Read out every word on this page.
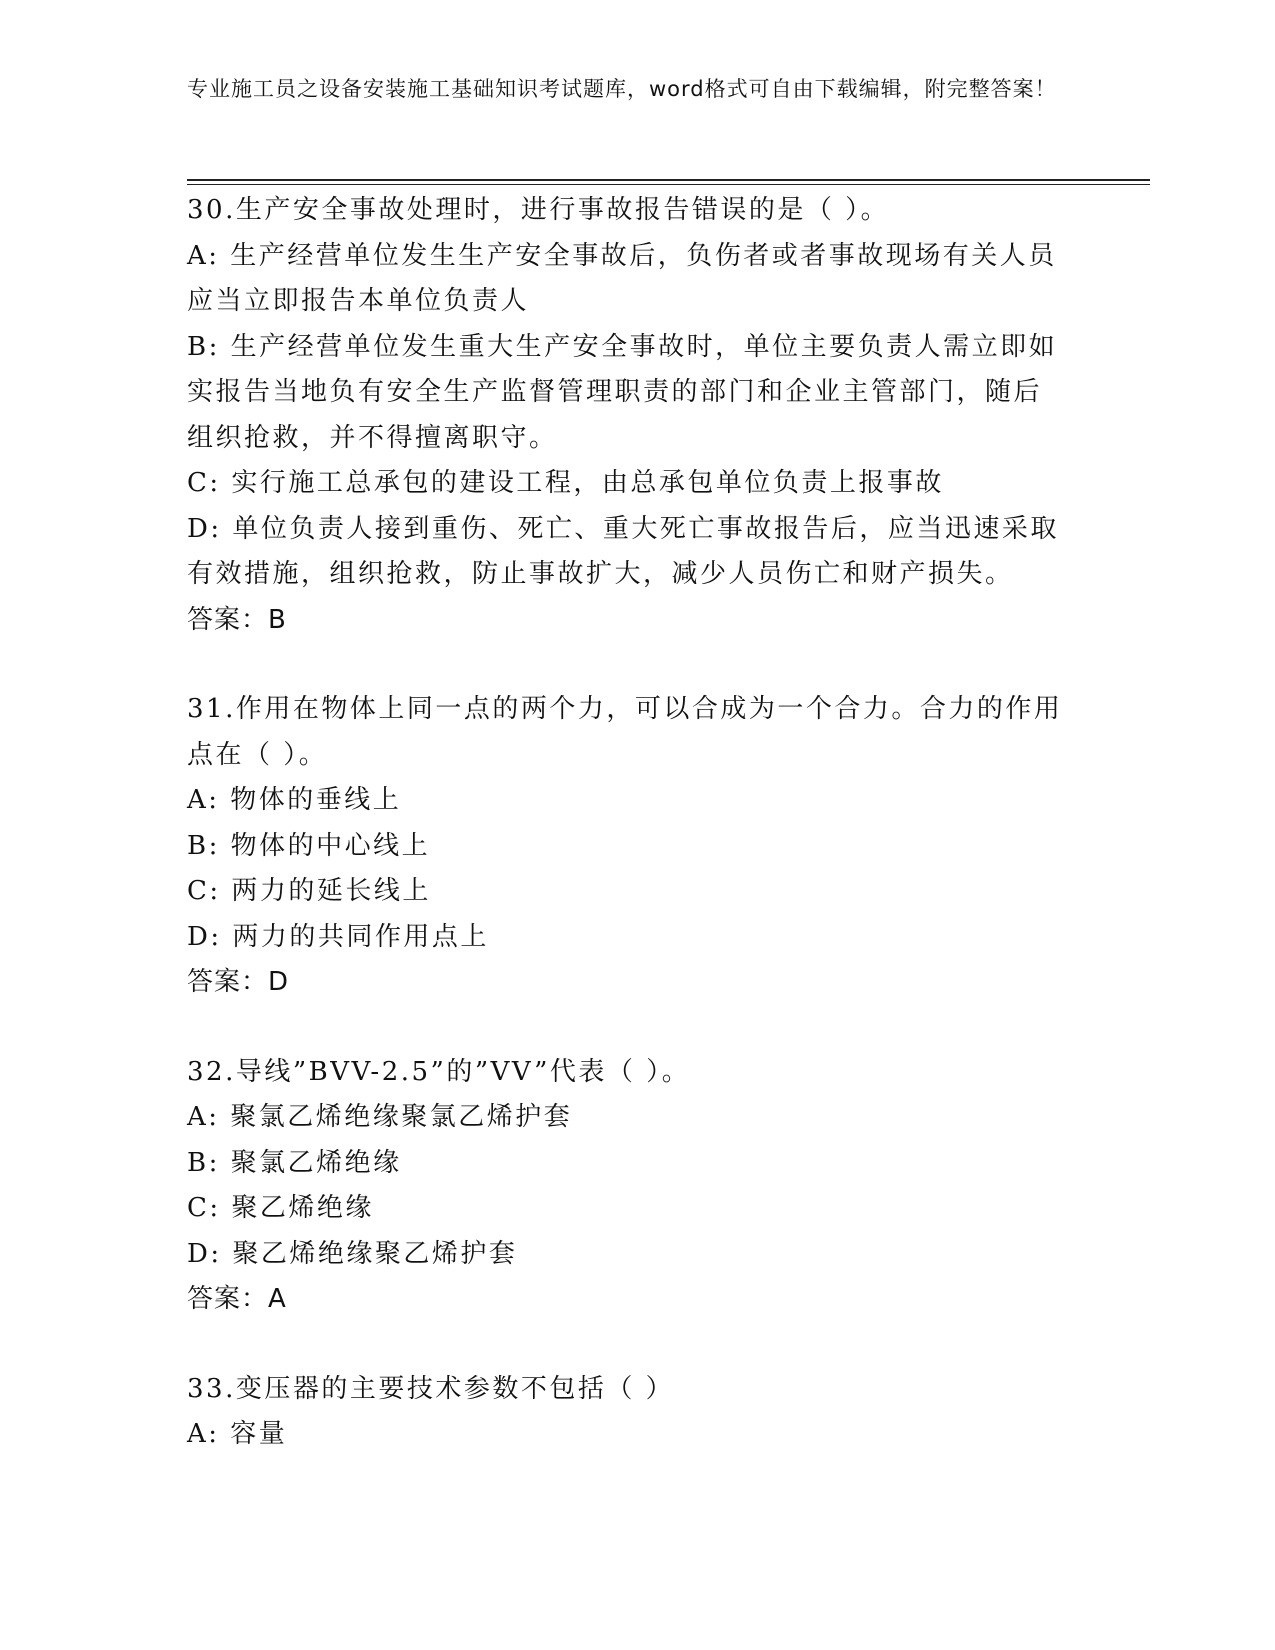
专业施工员之设备安装施工基础知识考试题库，word格式可自由下载编辑，附完整答案！

30.生产安全事故处理时，进行事故报告错误的是（ ）。

A: 生产经营单位发生生产安全事故后，负伤者或者事故现场有关人员应当立即报告本单位负责人

B: 生产经营单位发生重大生产安全事故时，单位主要负责人需立即如实报告当地负有安全生产监督管理职责的部门和企业主管部门，随后组织抢救，并不得擅离职守。

C: 实行施工总承包的建设工程，由总承包单位负责上报事故

D: 单位负责人接到重伤、死亡、重大死亡事故报告后，应当迅速采取有效措施，组织抢救，防止事故扩大，减少人员伤亡和财产损失。

答案：B

31.作用在物体上同一点的两个力，可以合成为一个合力。合力的作用点在（ ）。

A: 物体的垂线上

B: 物体的中心线上

C: 两力的延长线上

D: 两力的共同作用点上

答案：D

32.导线”BVV-2.5”的”VV”代表（ ）。

A: 聚氯乙烯绝缘聚氯乙烯护套

B: 聚氯乙烯绝缘

C: 聚乙烯绝缘

D: 聚乙烯绝缘聚乙烯护套

答案：A

33.变压器的主要技术参数不包括（ ）

A: 容量
